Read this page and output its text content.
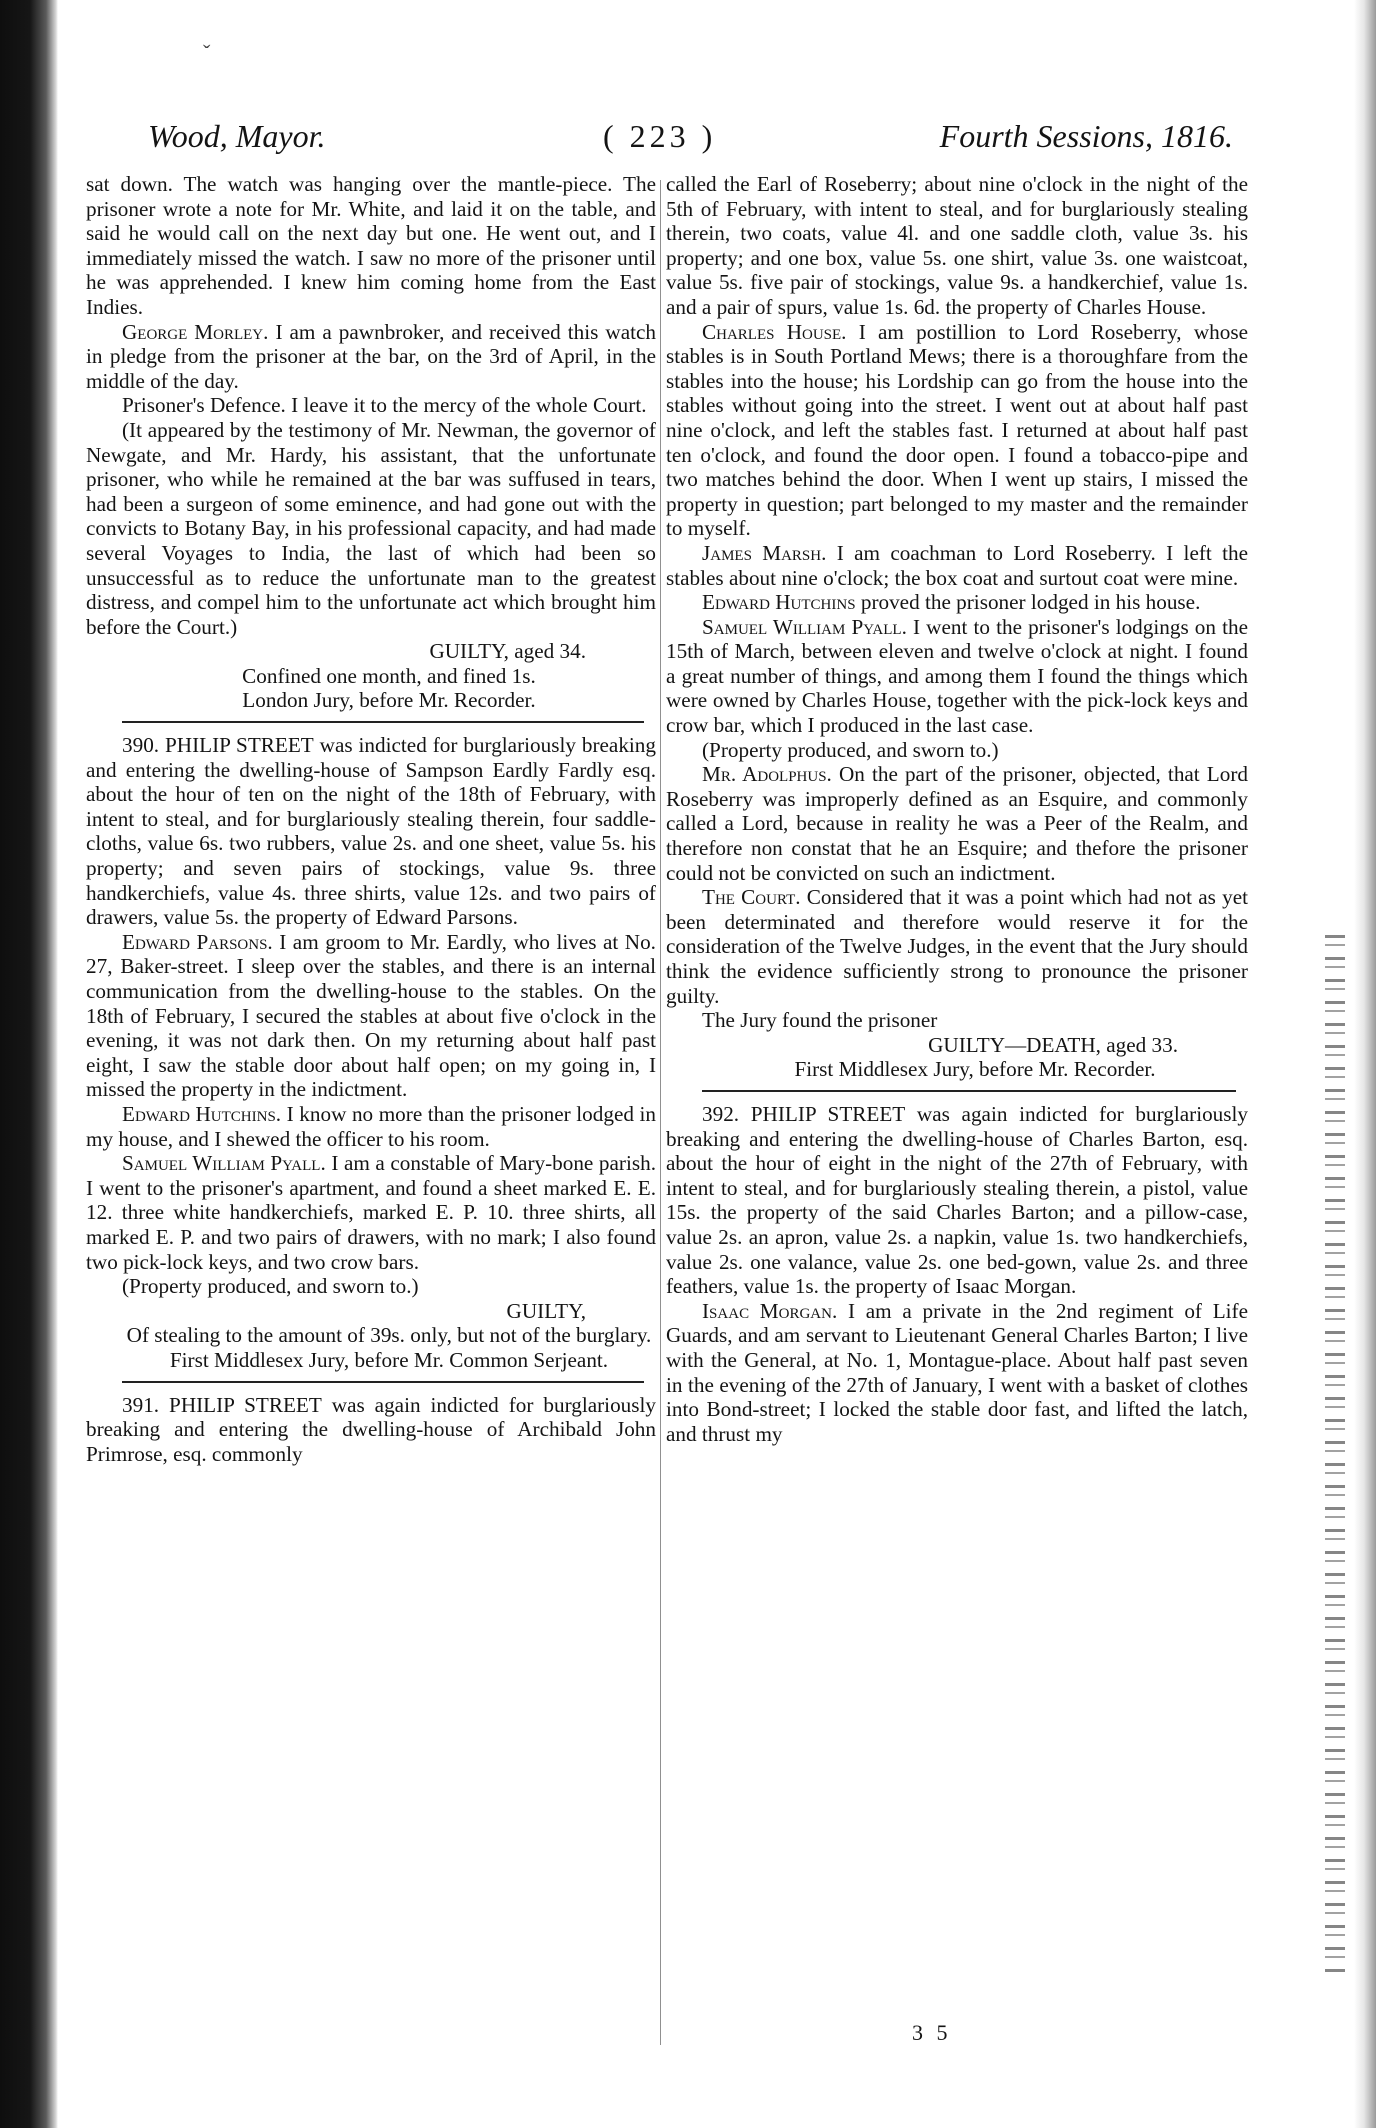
ˇ
Wood, Mayor.	( 223 )	Fourth Sessions, 1816.

sat down. The watch was hanging over the mantle-piece. The prisoner wrote a note for Mr. White, and laid it on the table, and said he would call on the next day but one. He went out, and I immediately missed the watch. I saw no more of the prisoner until he was apprehended. I knew him coming home from the East Indies.

George Morley. I am a pawnbroker, and received this watch in pledge from the prisoner at the bar, on the 3rd of April, in the middle of the day.

Prisoner's Defence. I leave it to the mercy of the whole Court.

(It appeared by the testimony of Mr. Newman, the governor of Newgate, and Mr. Hardy, his assistant, that the unfortunate prisoner, who while he remained at the bar was suffused in tears, had been a surgeon of some eminence, and had gone out with the convicts to Botany Bay, in his professional capacity, and had made several Voyages to India, the last of which had been so unsuccessful as to reduce the unfortunate man to the greatest distress, and compel him to the unfortunate act which brought him before the Court.)

GUILTY, aged 34.

Confined one month, and fined 1s.

London Jury, before Mr. Recorder.

390. PHILIP STREET was indicted for burglariously breaking and entering the dwelling-house of Sampson Eardly Fardly esq. about the hour of ten on the night of the 18th of February, with intent to steal, and for burglariously stealing therein, four saddle-cloths, value 6s. two rubbers, value 2s. and one sheet, value 5s. his property; and seven pairs of stockings, value 9s. three handkerchiefs, value 4s. three shirts, value 12s. and two pairs of drawers, value 5s. the property of Edward Parsons.

Edward Parsons. I am groom to Mr. Eardly, who lives at No. 27, Baker-street. I sleep over the stables, and there is an internal communication from the dwelling-house to the stables. On the 18th of February, I secured the stables at about five o'clock in the evening, it was not dark then. On my returning about half past eight, I saw the stable door about half open; on my going in, I missed the property in the indictment.

Edward Hutchins. I know no more than the prisoner lodged in my house, and I shewed the officer to his room.

Samuel William Pyall. I am a constable of Mary-bone parish. I went to the prisoner's apartment, and found a sheet marked E. E. 12. three white handkerchiefs, marked E. P. 10. three shirts, all marked E. P. and two pairs of drawers, with no mark; I also found two pick-lock keys, and two crow bars.

(Property produced, and sworn to.)

GUILTY,

Of stealing to the amount of 39s. only, but not of the burglary.

First Middlesex Jury, before Mr. Common Serjeant.

391. PHILIP STREET was again indicted for burglariously breaking and entering the dwelling-house of Archibald John Primrose, esq. commonly

called the Earl of Roseberry; about nine o'clock in the night of the 5th of February, with intent to steal, and for burglariously stealing therein, two coats, value 4l. and one saddle cloth, value 3s. his property; and one box, value 5s. one shirt, value 3s. one waistcoat, value 5s. five pair of stockings, value 9s. a handkerchief, value 1s. and a pair of spurs, value 1s. 6d. the property of Charles House.

Charles House. I am postillion to Lord Roseberry, whose stables is in South Portland Mews; there is a thoroughfare from the stables into the house; his Lordship can go from the house into the stables without going into the street. I went out at about half past nine o'clock, and left the stables fast. I returned at about half past ten o'clock, and found the door open. I found a tobacco-pipe and two matches behind the door. When I went up stairs, I missed the property in question; part belonged to my master and the remainder to myself.

James Marsh. I am coachman to Lord Roseberry. I left the stables about nine o'clock; the box coat and surtout coat were mine.

Edward Hutchins proved the prisoner lodged in his house.

Samuel William Pyall. I went to the prisoner's lodgings on the 15th of March, between eleven and twelve o'clock at night. I found a great number of things, and among them I found the things which were owned by Charles House, together with the pick-lock keys and crow bar, which I produced in the last case.

(Property produced, and sworn to.)

Mr. Adolphus. On the part of the prisoner, objected, that Lord Roseberry was improperly defined as an Esquire, and commonly called a Lord, because in reality he was a Peer of the Realm, and therefore non constat that he an Esquire; and thefore the prisoner could not be convicted on such an indictment.

The Court. Considered that it was a point which had not as yet been determinated and therefore would reserve it for the consideration of the Twelve Judges, in the event that the Jury should think the evidence sufficiently strong to pronounce the prisoner guilty.

The Jury found the prisoner

GUILTY—DEATH, aged 33.

First Middlesex Jury, before Mr. Recorder.

392. PHILIP STREET was again indicted for burglariously breaking and entering the dwelling-house of Charles Barton, esq. about the hour of eight in the night of the 27th of February, with intent to steal, and for burglariously stealing therein, a pistol, value 15s. the property of the said Charles Barton; and a pillow-case, value 2s. an apron, value 2s. a napkin, value 1s. two handkerchiefs, value 2s. one valance, value 2s. one bed-gown, value 2s. and three feathers, value 1s. the property of Isaac Morgan.

Isaac Morgan. I am a private in the 2nd regiment of Life Guards, and am servant to Lieutenant General Charles Barton; I live with the General, at No. 1, Montague-place. About half past seven in the evening of the 27th of January, I went with a basket of clothes into Bond-street; I locked the stable door fast, and lifted the latch, and thrust my

3 5
